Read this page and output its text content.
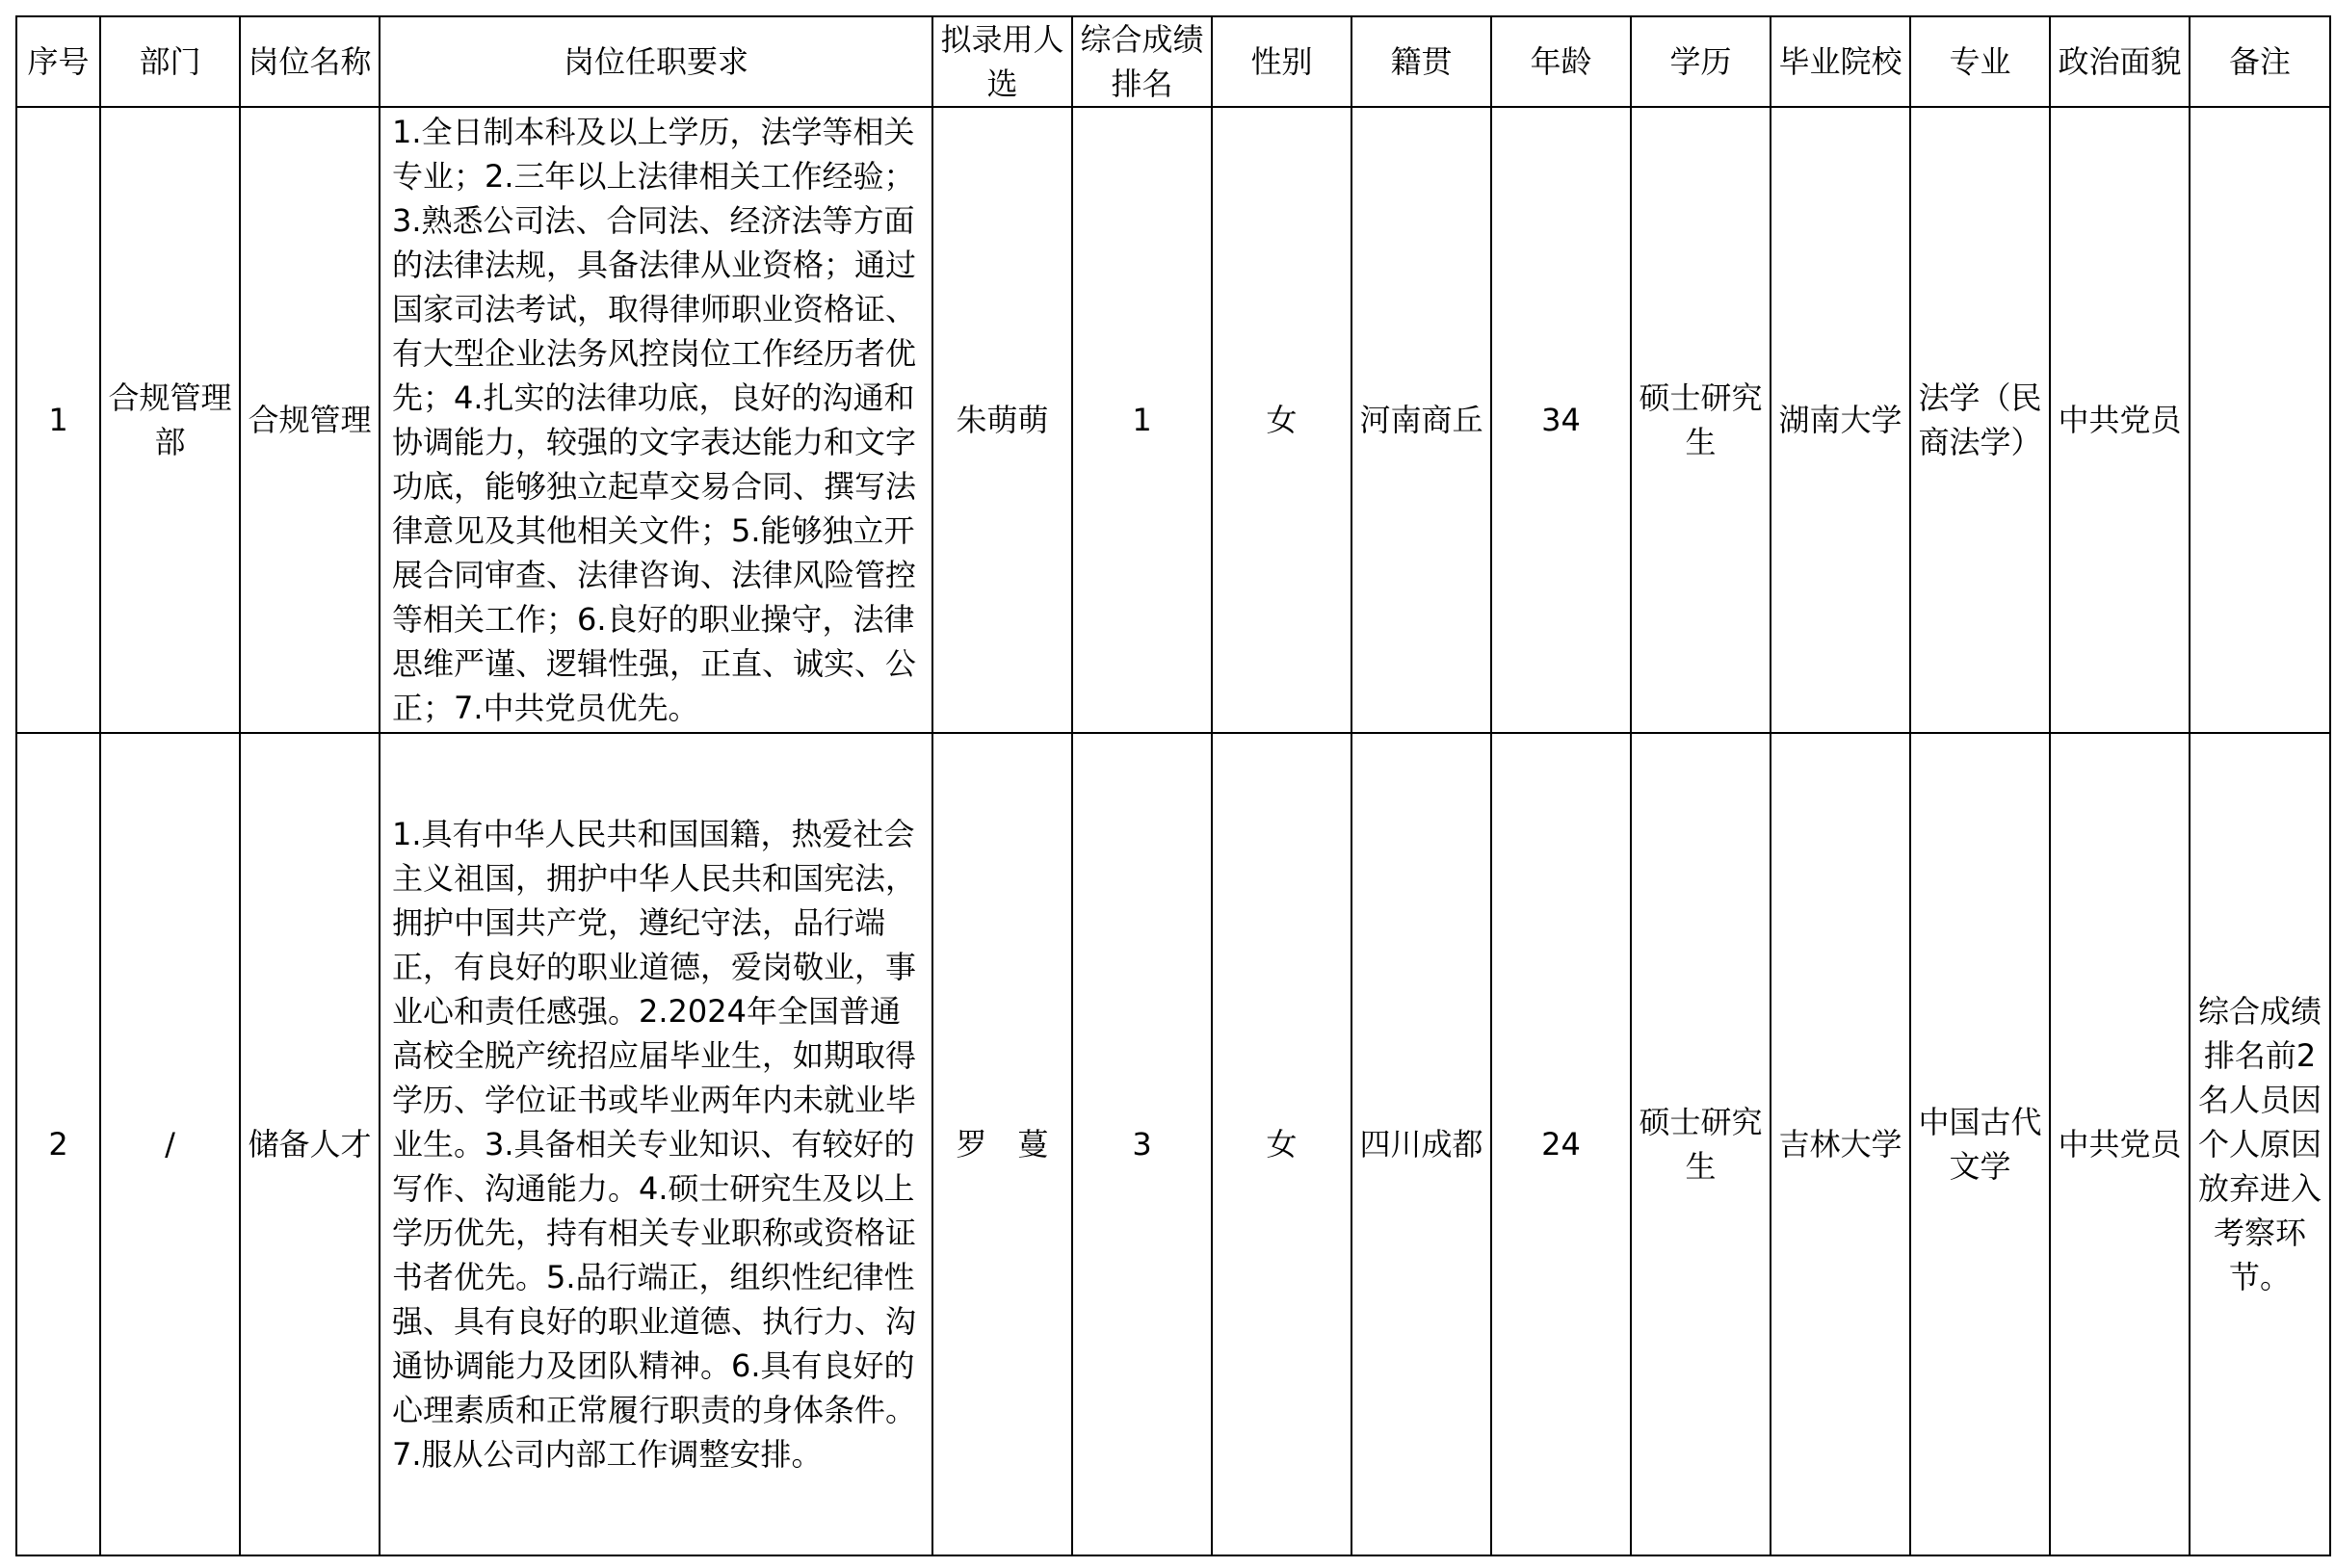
序号	部门	岗位名称	岗位任职要求	拟录用人选	综合成绩排名	性别	籍贯	年龄	学历	毕业院校	专业	政治面貌	备注
1	合规管理部	合规管理	1.全日制本科及以上学历，法学等相关专业；2.三年以上法律相关工作经验；3.熟悉公司法、合同法、经济法等方面的法律法规，具备法律从业资格；通过国家司法考试，取得律师职业资格证、有大型企业法务风控岗位工作经历者优先；4.扎实的法律功底，良好的沟通和协调能力，较强的文字表达能力和文字功底，能够独立起草交易合同、撰写法律意见及其他相关文件；5.能够独立开展合同审查、法律咨询、法律风险管控等相关工作；6.良好的职业操守，法律思维严谨、逻辑性强，正直、诚实、公正；7.中共党员优先。	朱萌萌	1	女	河南商丘	34	硕士研究生	湖南大学	法学（民商法学）	中共党员	
2	/	储备人才	1.具有中华人民共和国国籍，热爱社会主义祖国，拥护中华人民共和国宪法，拥护中国共产党，遵纪守法，品行端正，有良好的职业道德，爱岗敬业，事业心和责任感强。2.2024年全国普通高校全脱产统招应届毕业生，如期取得学历、学位证书或毕业两年内未就业毕业生。3.具备相关专业知识、有较好的写作、沟通能力。4.硕士研究生及以上学历优先，持有相关专业职称或资格证书者优先。5.品行端正，组织性纪律性强、具有良好的职业道德、执行力、沟通协调能力及团队精神。6.具有良好的心理素质和正常履行职责的身体条件。7.服从公司内部工作调整安排。	罗　蔓	3	女	四川成都	24	硕士研究生	吉林大学	中国古代文学	中共党员	综合成绩排名前2名人员因个人原因放弃进入考察环节。
